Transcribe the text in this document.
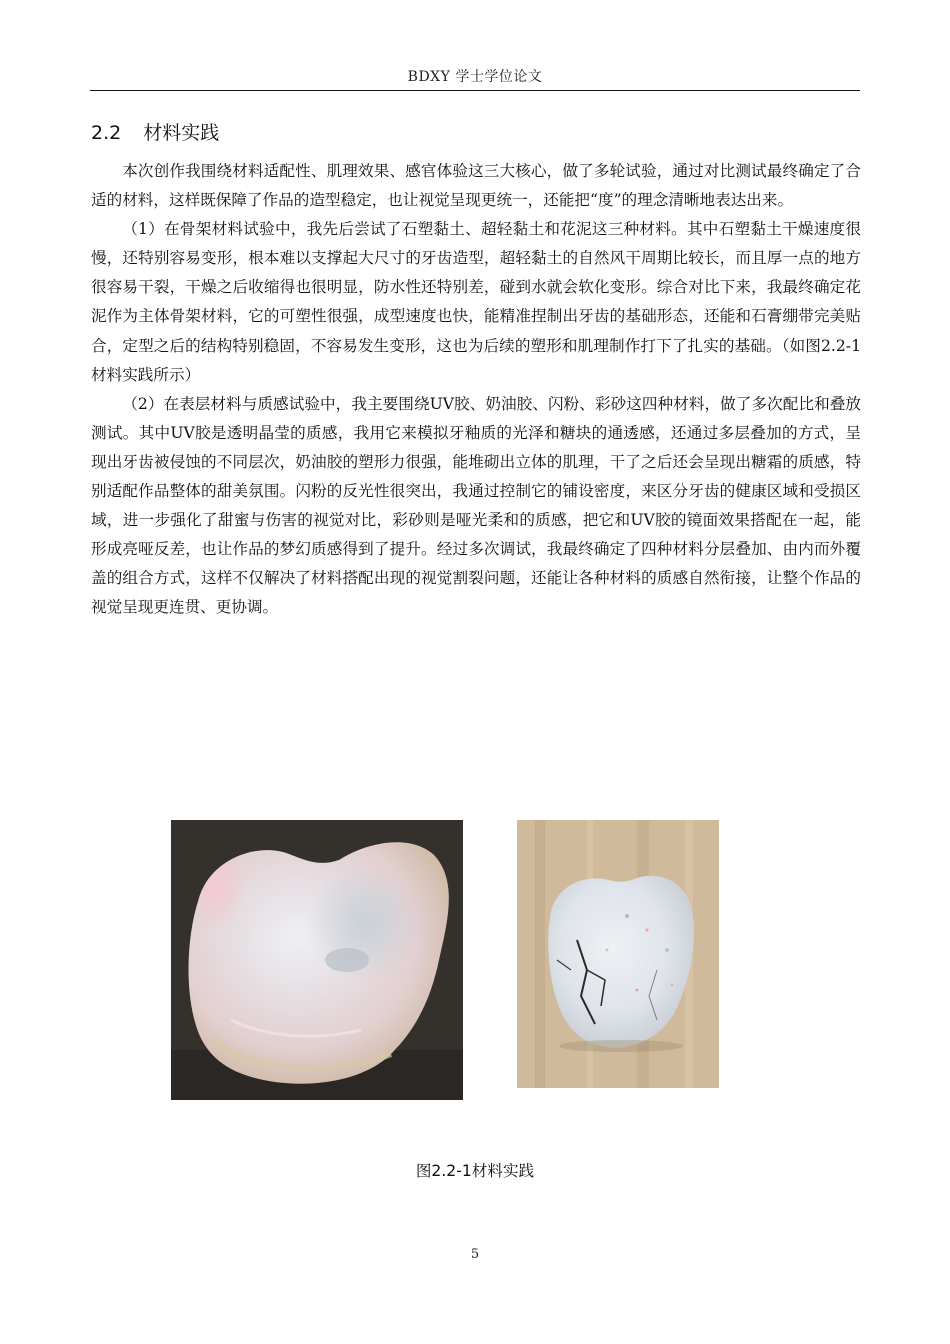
BDXY 学士学位论文
2.2 材料实践

本次创作我围绕材料适配性、肌理效果、感官体验这三大核心，做了多轮试验，通过对比测试最终确定了合适的材料，这样既保障了作品的造型稳定，也让视觉呈现更统一，还能把“度”的理念清晰地表达出来。

（1）在骨架材料试验中，我先后尝试了石塑黏土、超轻黏土和花泥这三种材料。其中石塑黏土干燥速度很慢，还特别容易变形，根本难以支撑起大尺寸的牙齿造型，超轻黏土的自然风干周期比较长，而且厚一点的地方很容易干裂，干燥之后收缩得也很明显，防水性还特别差，碰到水就会软化变形。综合对比下来，我最终确定花泥作为主体骨架材料，它的可塑性很强，成型速度也快，能精准捏制出牙齿的基础形态，还能和石膏绷带完美贴合，定型之后的结构特别稳固，不容易发生变形，这也为后续的塑形和肌理制作打下了扎实的基础。（如图2.2-1材料实践所示）

（2）在表层材料与质感试验中，我主要围绕UV胶、奶油胶、闪粉、彩砂这四种材料，做了多次配比和叠放测试。其中UV胶是透明晶莹的质感，我用它来模拟牙釉质的光泽和糖块的通透感，还通过多层叠加的方式，呈现出牙齿被侵蚀的不同层次，奶油胶的塑形力很强，能堆砌出立体的肌理，干了之后还会呈现出糖霜的质感，特别适配作品整体的甜美氛围。闪粉的反光性很突出，我通过控制它的铺设密度，来区分牙齿的健康区域和受损区域，进一步强化了甜蜜与伤害的视觉对比，彩砂则是哑光柔和的质感，把它和UV胶的镜面效果搭配在一起，能形成亮哑反差，也让作品的梦幻质感得到了提升。经过多次调试，我最终确定了四种材料分层叠加、由内而外覆盖的组合方式，这样不仅解决了材料搭配出现的视觉割裂问题，还能让各种材料的质感自然衔接，让整个作品的视觉呈现更连贯、更协调。

图2.2-1材料实践
5
